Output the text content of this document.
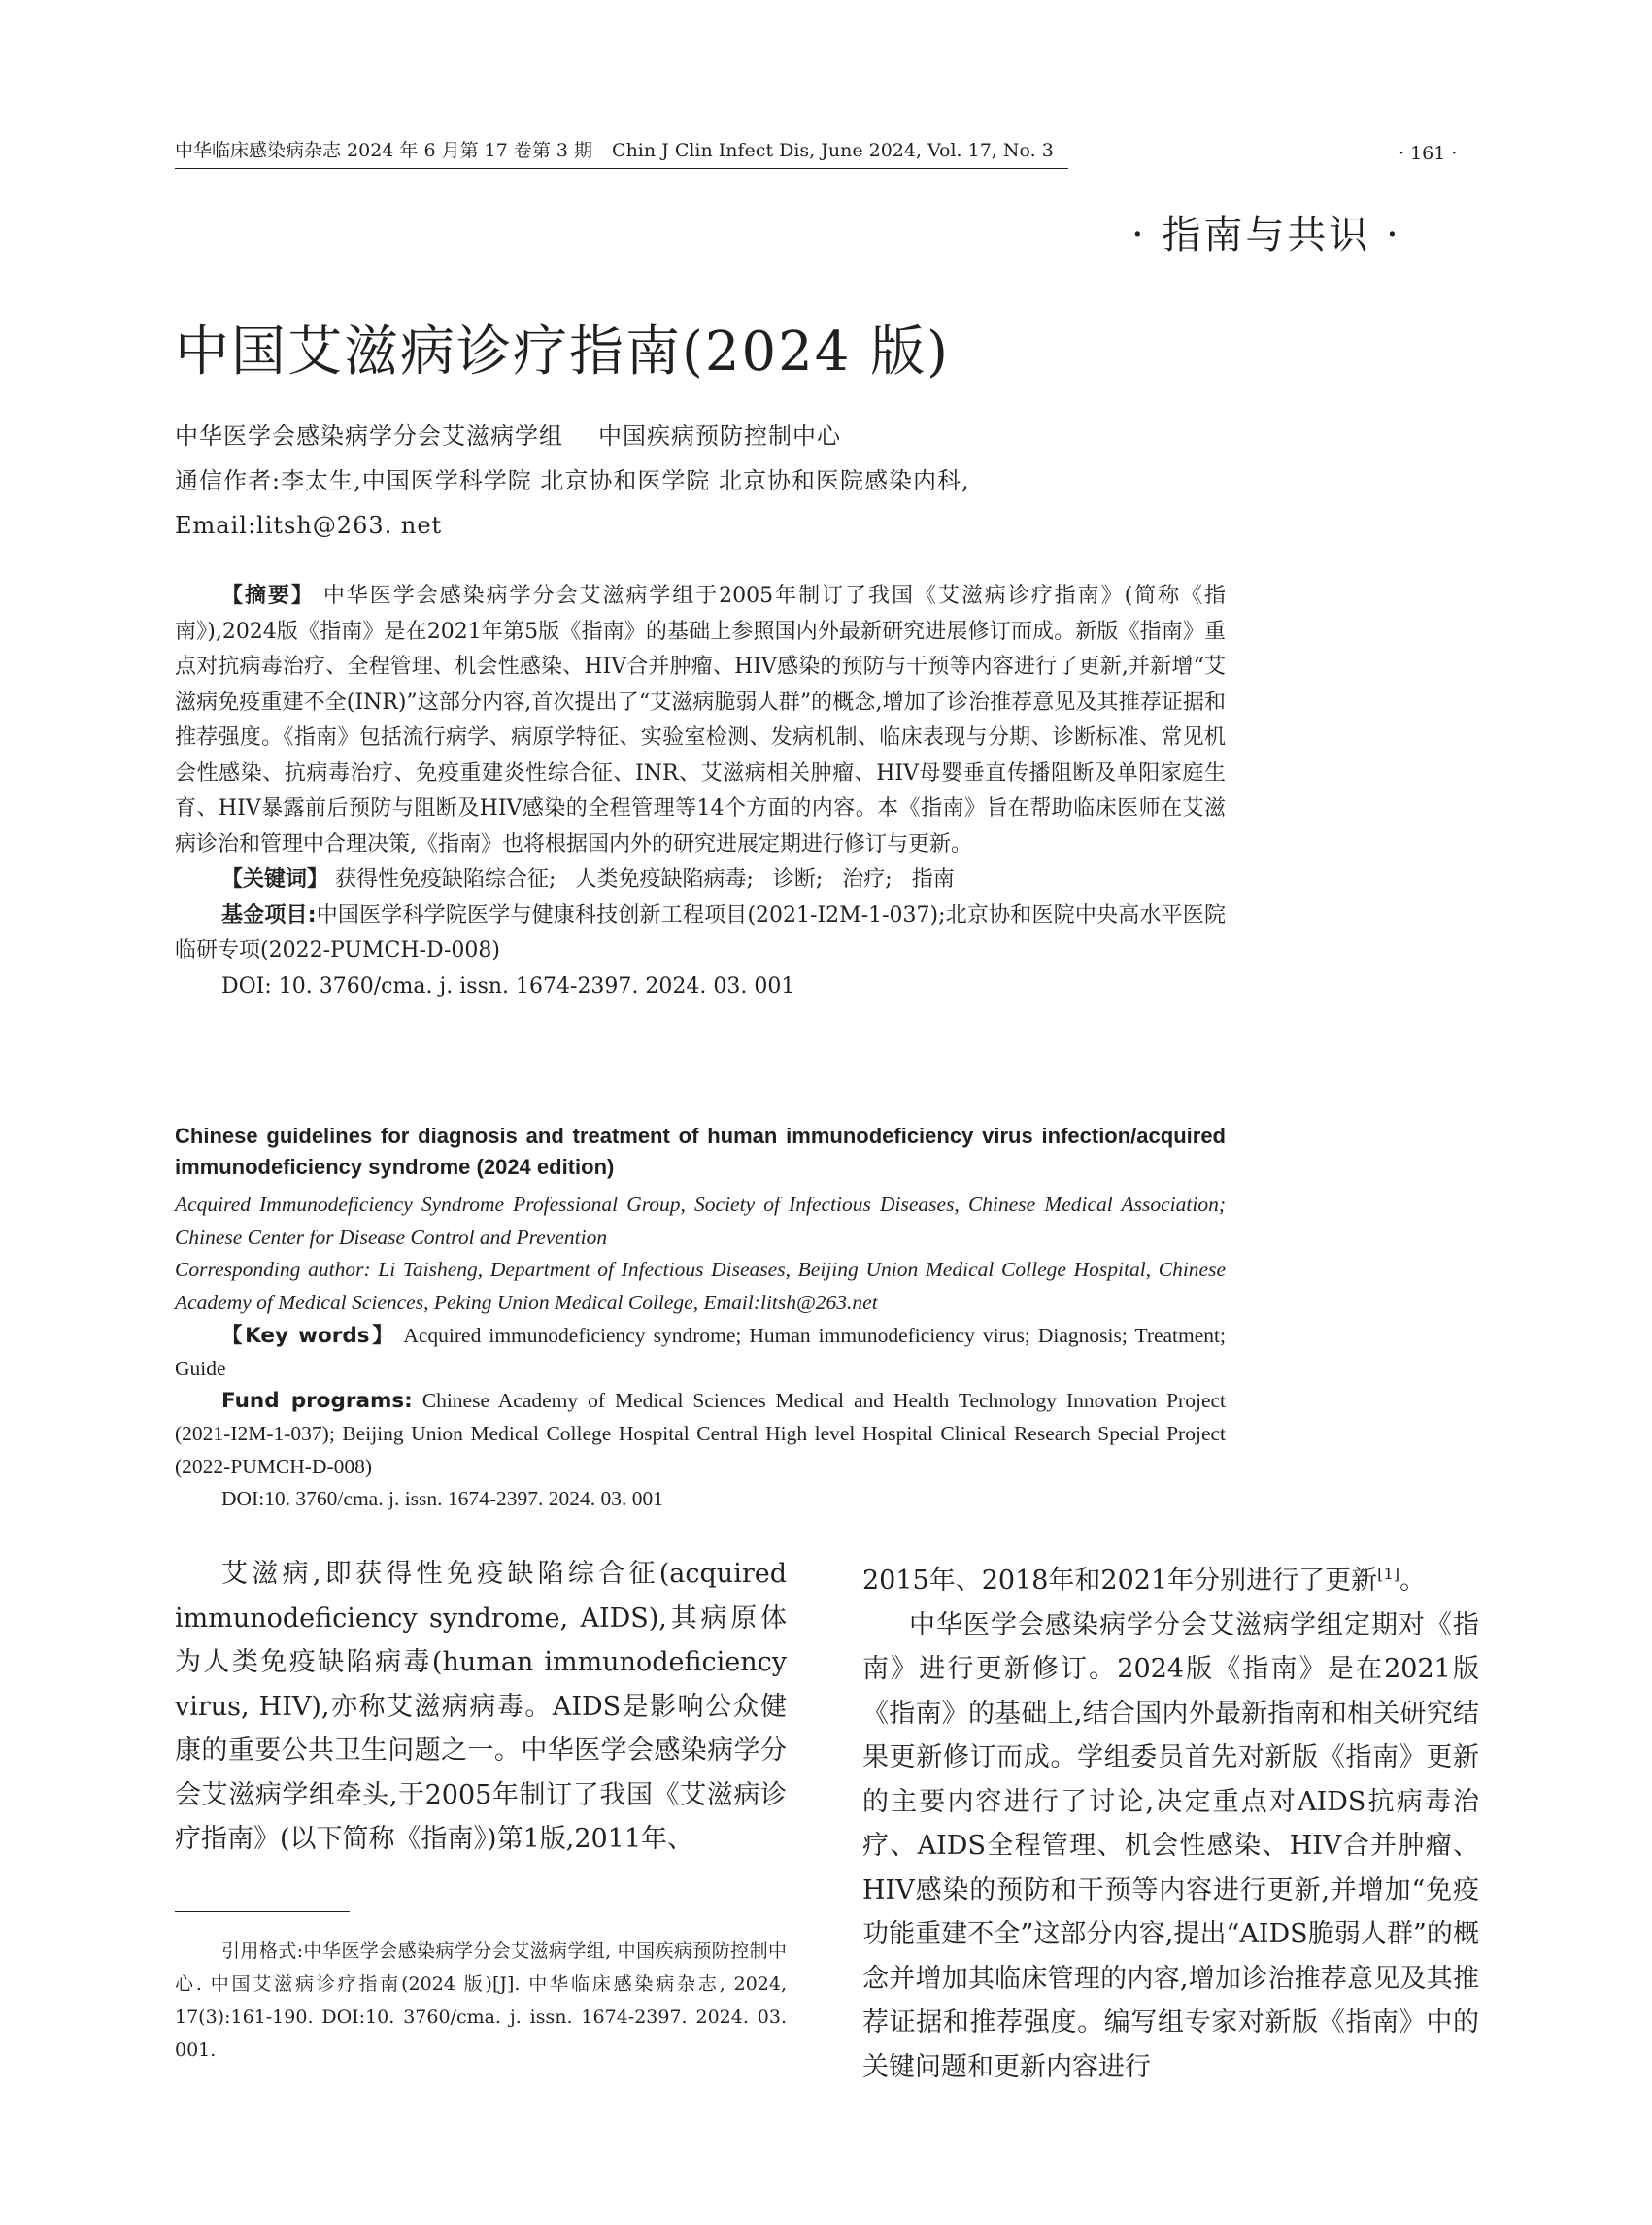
中华临床感染病杂志 2024 年 6 月第 17 卷第 3 期 Chin J Clin Infect Dis, June 2024, Vol. 17, No. 3	· 161 ·
· 指南与共识 ·
中国艾滋病诊疗指南(2024 版)
中华医学会感染病学分会艾滋病学组 中国疾病预防控制中心
通信作者:李太生,中国医学科学院 北京协和医学院 北京协和医院感染内科,
Email:litsh@263. net

【摘要】 中华医学会感染病学分会艾滋病学组于2005年制订了我国《艾滋病诊疗指南》(简称《指南》),2024版《指南》是在2021年第5版《指南》的基础上参照国内外最新研究进展修订而成。新版《指南》重点对抗病毒治疗、全程管理、机会性感染、HIV合并肿瘤、HIV感染的预防与干预等内容进行了更新,并新增“艾滋病免疫重建不全(INR)”这部分内容,首次提出了“艾滋病脆弱人群”的概念,增加了诊治推荐意见及其推荐证据和推荐强度。《指南》包括流行病学、病原学特征、实验室检测、发病机制、临床表现与分期、诊断标准、常见机会性感染、抗病毒治疗、免疫重建炎性综合征、INR、艾滋病相关肿瘤、HIV母婴垂直传播阻断及单阳家庭生育、HIV暴露前后预防与阻断及HIV感染的全程管理等14个方面的内容。本《指南》旨在帮助临床医师在艾滋病诊治和管理中合理决策,《指南》也将根据国内外的研究进展定期进行修订与更新。

【关键词】 获得性免疫缺陷综合征; 人类免疫缺陷病毒; 诊断; 治疗; 指南

基金项目:中国医学科学院医学与健康科技创新工程项目(2021-I2M-1-037);北京协和医院中央高水平医院临研专项(2022-PUMCH-D-008)

DOI: 10. 3760/cma. j. issn. 1674-2397. 2024. 03. 001

Chinese guidelines for diagnosis and treatment of human immunodeficiency virus infection/acquired immunodeficiency syndrome (2024 edition)

Acquired Immunodeficiency Syndrome Professional Group, Society of Infectious Diseases, Chinese Medical Association; Chinese Center for Disease Control and Prevention

Corresponding author: Li Taisheng, Department of Infectious Diseases, Beijing Union Medical College Hospital, Chinese Academy of Medical Sciences, Peking Union Medical College, Email:litsh@263.net

【Key words】 Acquired immunodeficiency syndrome; Human immunodeficiency virus; Diagnosis; Treatment; Guide

Fund programs: Chinese Academy of Medical Sciences Medical and Health Technology Innovation Project (2021-I2M-1-037); Beijing Union Medical College Hospital Central High level Hospital Clinical Research Special Project (2022-PUMCH-D-008)

DOI:10. 3760/cma. j. issn. 1674-2397. 2024. 03. 001

艾滋病,即获得性免疫缺陷综合征(acquired immunodeficiency syndrome, AIDS),其病原体为人类免疫缺陷病毒(human immunodeficiency virus, HIV),亦称艾滋病病毒。AIDS是影响公众健康的重要公共卫生问题之一。中华医学会感染病学分会艾滋病学组牵头,于2005年制订了我国《艾滋病诊疗指南》(以下简称《指南》)第1版,2011年、

2015年、2018年和2021年分别进行了更新[1]。

中华医学会感染病学分会艾滋病学组定期对《指南》进行更新修订。2024版《指南》是在2021版《指南》的基础上,结合国内外最新指南和相关研究结果更新修订而成。学组委员首先对新版《指南》更新的主要内容进行了讨论,决定重点对AIDS抗病毒治疗、AIDS全程管理、机会性感染、HIV合并肿瘤、HIV感染的预防和干预等内容进行更新,并增加“免疫功能重建不全”这部分内容,提出“AIDS脆弱人群”的概念并增加其临床管理的内容,增加诊治推荐意见及其推荐证据和推荐强度。编写组专家对新版《指南》中的关键问题和更新内容进行

引用格式:中华医学会感染病学分会艾滋病学组, 中国疾病预防控制中心. 中国艾滋病诊疗指南(2024 版)[J]. 中华临床感染病杂志, 2024, 17(3):161-190. DOI:10. 3760/cma. j. issn. 1674-2397. 2024. 03. 001.
